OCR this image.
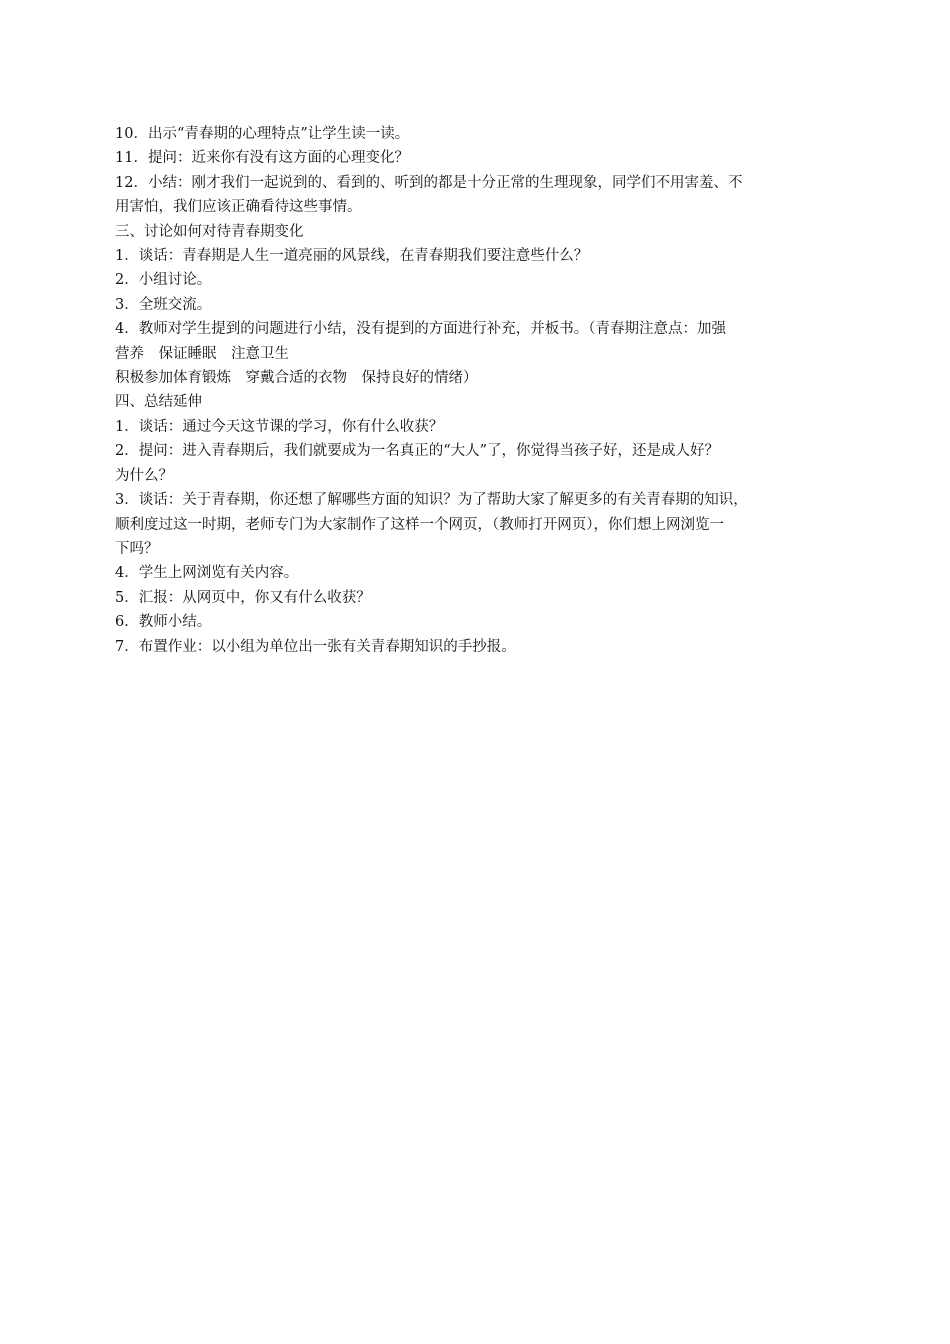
10．出示“青春期的心理特点”让学生读一读。

11．提问：近来你有没有这方面的心理变化？

12．小结：刚才我们一起说到的、看到的、听到的都是十分正常的生理现象，同学们不用害羞、不

用害怕，我们应该正确看待这些事情。

三、讨论如何对待青春期变化

1．谈话：青春期是人生一道亮丽的风景线，在青春期我们要注意些什么？

2．小组讨论。

3．全班交流。

4．教师对学生提到的问题进行小结，没有提到的方面进行补充，并板书。（青春期注意点：加强

营养　保证睡眠　注意卫生

积极参加体育锻炼　穿戴合适的衣物　保持良好的情绪）

四、总结延伸

1．谈话：通过今天这节课的学习，你有什么收获？

2．提问：进入青春期后，我们就要成为一名真正的“大人”了，你觉得当孩子好，还是成人好？

为什么？

3．谈话：关于青春期，你还想了解哪些方面的知识？为了帮助大家了解更多的有关青春期的知识，

顺利度过这一时期，老师专门为大家制作了这样一个网页，（教师打开网页），你们想上网浏览一

下吗？

4．学生上网浏览有关内容。

5．汇报：从网页中，你又有什么收获？

6．教师小结。

7．布置作业：以小组为单位出一张有关青春期知识的手抄报。
